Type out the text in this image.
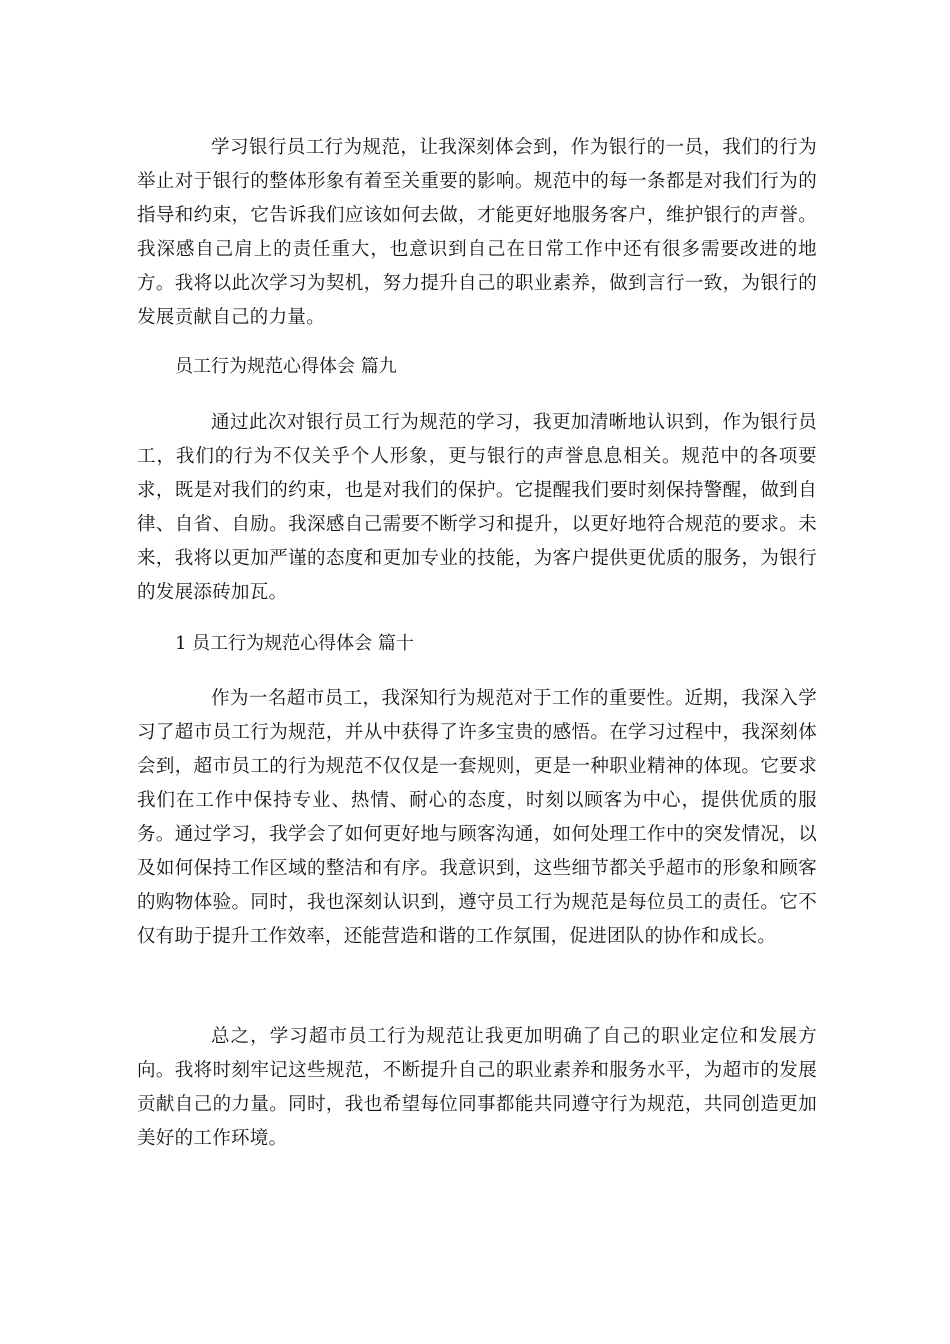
学习银行员工行为规范，让我深刻体会到，作为银行的一员，我们的行为举止对于银行的整体形象有着至关重要的影响。规范中的每一条都是对我们行为的指导和约束，它告诉我们应该如何去做，才能更好地服务客户，维护银行的声誉。我深感自己肩上的责任重大，也意识到自己在日常工作中还有很多需要改进的地方。我将以此次学习为契机，努力提升自己的职业素养，做到言行一致，为银行的发展贡献自己的力量。

员工行为规范心得体会 篇九

通过此次对银行员工行为规范的学习，我更加清晰地认识到，作为银行员工，我们的行为不仅关乎个人形象，更与银行的声誉息息相关。规范中的各项要求，既是对我们的约束，也是对我们的保护。它提醒我们要时刻保持警醒，做到自律、自省、自励。我深感自己需要不断学习和提升，以更好地符合规范的要求。未来，我将以更加严谨的态度和更加专业的技能，为客户提供更优质的服务，为银行的发展添砖加瓦。

1 员工行为规范心得体会 篇十

作为一名超市员工，我深知行为规范对于工作的重要性。近期，我深入学习了超市员工行为规范，并从中获得了许多宝贵的感悟。在学习过程中，我深刻体会到，超市员工的行为规范不仅仅是一套规则，更是一种职业精神的体现。它要求我们在工作中保持专业、热情、耐心的态度，时刻以顾客为中心，提供优质的服务。通过学习，我学会了如何更好地与顾客沟通，如何处理工作中的突发情况，以及如何保持工作区域的整洁和有序。我意识到，这些细节都关乎超市的形象和顾客的购物体验。同时，我也深刻认识到，遵守员工行为规范是每位员工的责任。它不仅有助于提升工作效率，还能营造和谐的工作氛围，促进团队的协作和成长。

总之，学习超市员工行为规范让我更加明确了自己的职业定位和发展方向。我将时刻牢记这些规范，不断提升自己的职业素养和服务水平，为超市的发展贡献自己的力量。同时，我也希望每位同事都能共同遵守行为规范，共同创造更加美好的工作环境。
